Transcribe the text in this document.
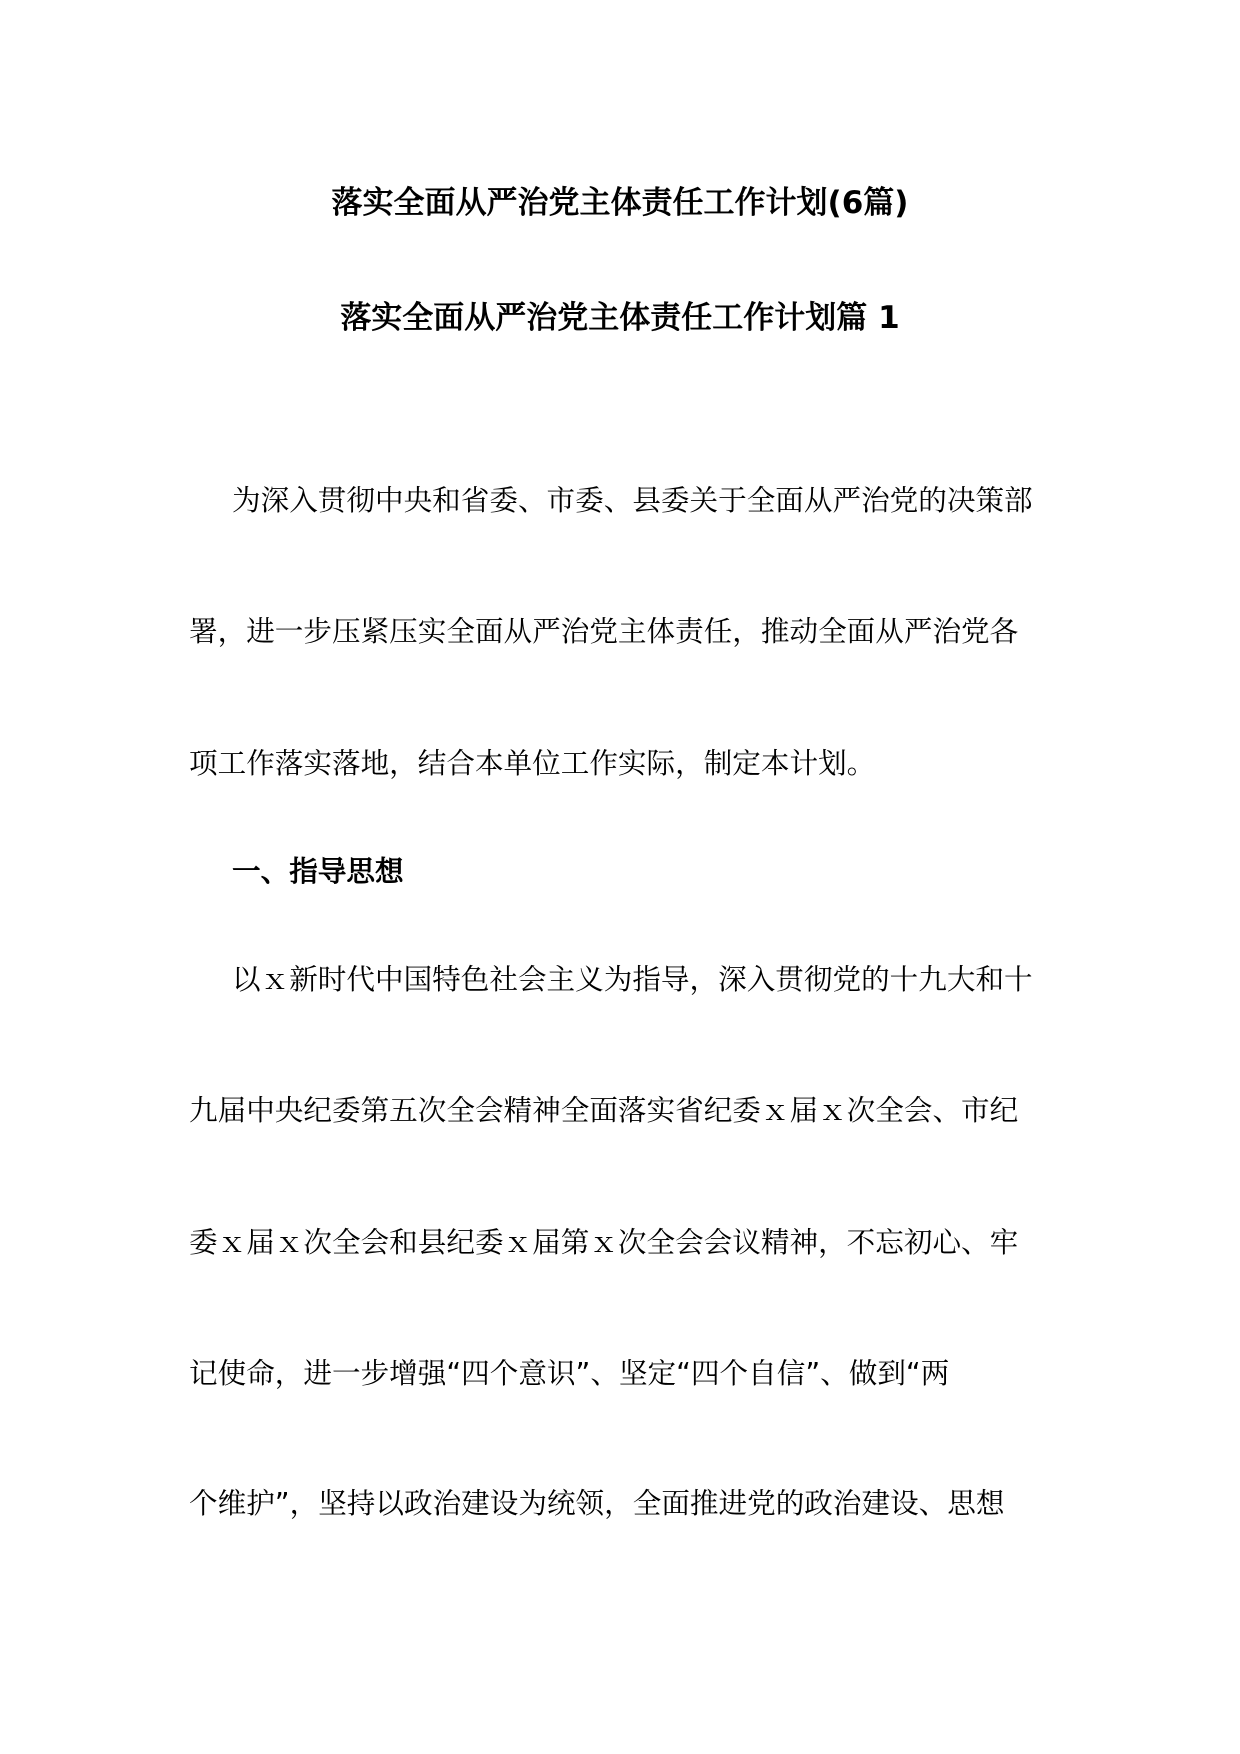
落实全面从严治党主体责任工作计划(6篇)
落实全面从严治党主体责任工作计划篇 1
为深入贯彻中央和省委、市委、县委关于全面从严治党的决策部
署，进一步压紧压实全面从严治党主体责任，推动全面从严治党各
项工作落实落地，结合本单位工作实际，制定本计划。
一、指导思想
以ｘ新时代中国特色社会主义为指导，深入贯彻党的十九大和十
九届中央纪委第五次全会精神全面落实省纪委ｘ届ｘ次全会、市纪
委ｘ届ｘ次全会和县纪委ｘ届第ｘ次全会会议精神，不忘初心、牢
记使命，进一步增强“四个意识”、坚定“四个自信”、做到“两
个维护”，坚持以政治建设为统领，全面推进党的政治建设、思想
